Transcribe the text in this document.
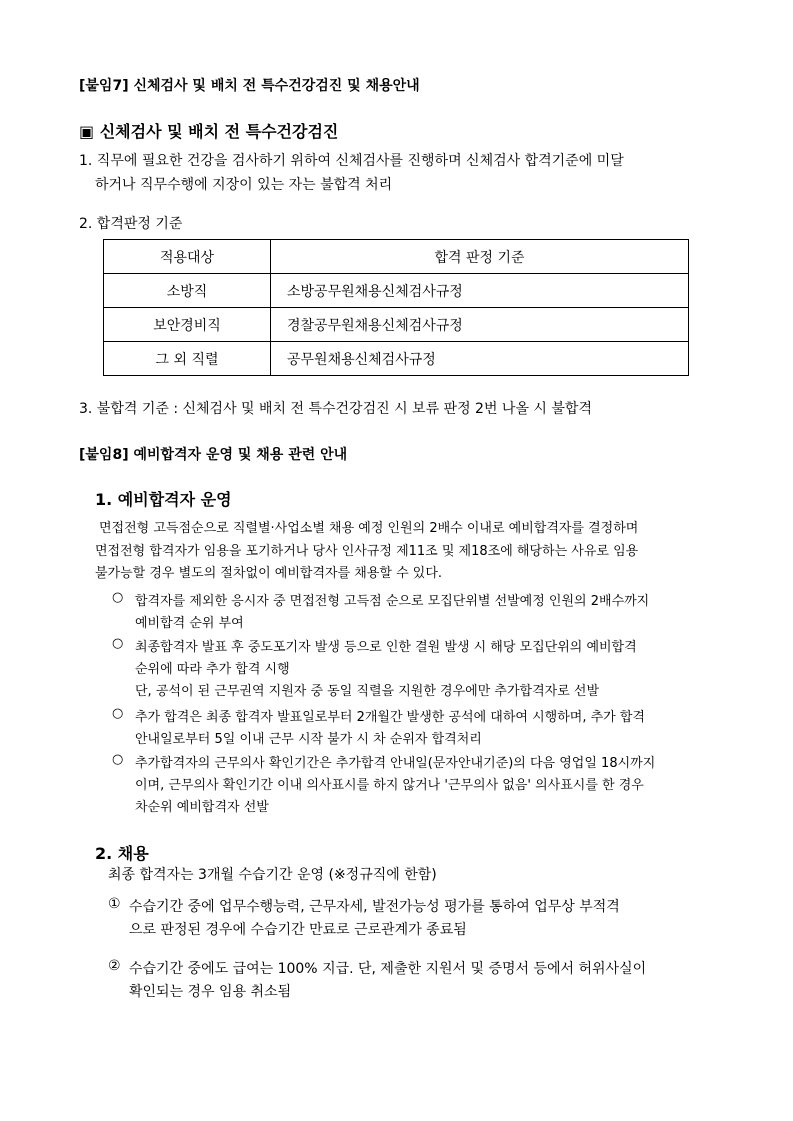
[붙임7] 신체검사 및 배치 전 특수건강검진 및 채용안내
▣ 신체검사 및 배치 전 특수건강검진
1. 직무에 필요한 건강을 검사하기 위하여 신체검사를 진행하며 신체검사 합격기준에 미달
하거나 직무수행에 지장이 있는 자는 불합격 처리
2. 합격판정 기준
적용대상	합격 판정 기준
소방직	소방공무원채용신체검사규정
보안경비직	경찰공무원채용신체검사규정
그 외 직렬	공무원채용신체검사규정
3. 불합격 기준 : 신체검사 및 배치 전 특수건강검진 시 보류 판정 2번 나올 시 불합격
[붙임8] 예비합격자 운영 및 채용 관련 안내
1. 예비합격자 운영
면접전형 고득점순으로 직렬별·사업소별 채용 예정 인원의 2배수 이내로 예비합격자를 결정하며
면접전형 합격자가 임용을 포기하거나 당사 인사규정 제11조 및 제18조에 해당하는 사유로 임용
불가능할 경우 별도의 절차없이 예비합격자를 채용할 수 있다.
○ 합격자를 제외한 응시자 중 면접전형 고득점 순으로 모집단위별 선발예정 인원의 2배수까지
예비합격 순위 부여
○ 최종합격자 발표 후 중도포기자 발생 등으로 인한 결원 발생 시 해당 모집단위의 예비합격
순위에 따라 추가 합격 시행
단, 공석이 된 근무권역 지원자 중 동일 직렬을 지원한 경우에만 추가합격자로 선발
○ 추가 합격은 최종 합격자 발표일로부터 2개월간 발생한 공석에 대하여 시행하며, 추가 합격
안내일로부터 5일 이내 근무 시작 불가 시 차 순위자 합격처리
○ 추가합격자의 근무의사 확인기간은 추가합격 안내일(문자안내기준)의 다음 영업일 18시까지
이며, 근무의사 확인기간 이내 의사표시를 하지 않거나 '근무의사 없음' 의사표시를 한 경우
차순위 예비합격자 선발
2. 채용
최종 합격자는 3개월 수습기간 운영 (※정규직에 한함)
① 수습기간 중에 업무수행능력, 근무자세, 발전가능성 평가를 통하여 업무상 부적격
으로 판정된 경우에 수습기간 만료로 근로관계가 종료됨
② 수습기간 중에도 급여는 100% 지급. 단, 제출한 지원서 및 증명서 등에서 허위사실이
확인되는 경우 임용 취소됨
